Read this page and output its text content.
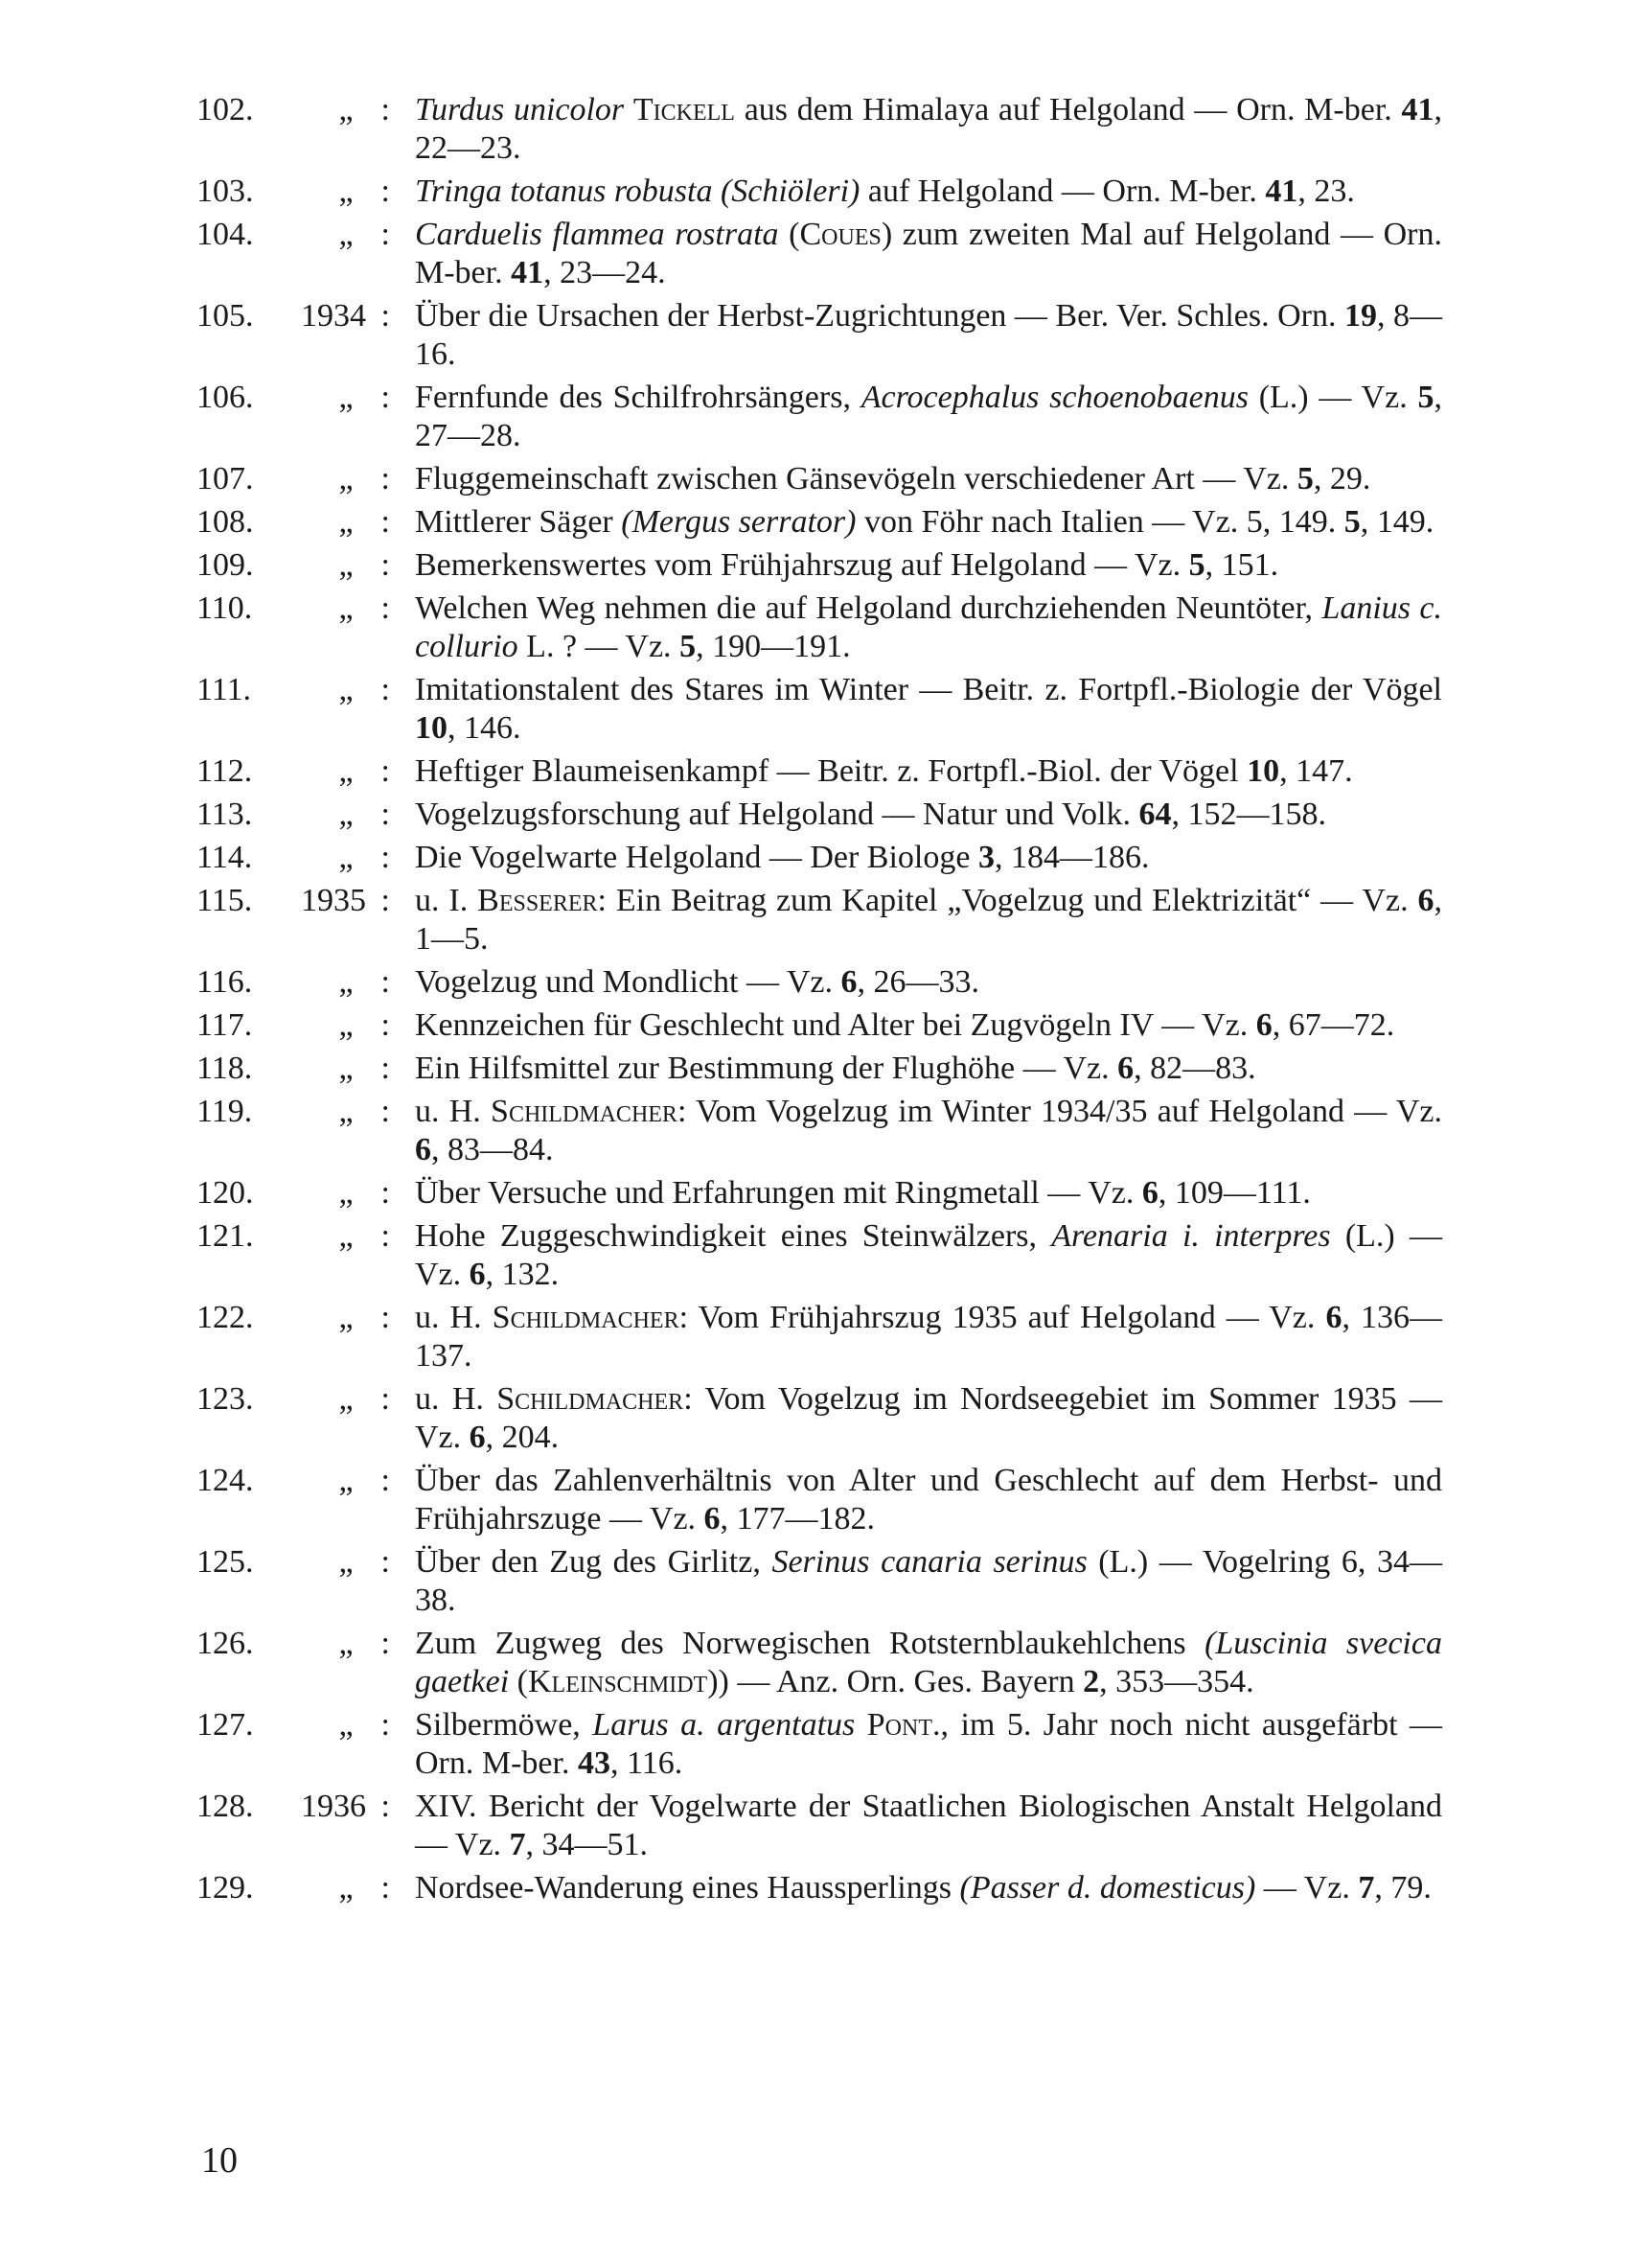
102.	„ : Turdus unicolor Tickell aus dem Himalaya auf Helgoland — Orn. M-ber. 41, 22—23.
103.	„ : Tringa totanus robusta (Schiöleri) auf Helgoland — Orn. M-ber. 41, 23.
104.	„ : Carduelis flammea rostrata (Coues) zum zweiten Mal auf Helgoland — Orn. M-ber. 41, 23—24.
105.	1934 : Über die Ursachen der Herbst-Zugrichtungen — Ber. Ver. Schles. Orn. 19, 8—16.
106.	„ : Fernfunde des Schilfrohrsängers, Acrocephalus schoenobaenus (L.) — Vz. 5, 27—28.
107.	„ : Fluggemeinschaft zwischen Gänsevögeln verschiedener Art — Vz. 5, 29.
108.	„ : Mittlerer Säger (Mergus serrator) von Föhr nach Italien — Vz. 5, 149. 5, 149.
109.	„ : Bemerkenswertes vom Frühjahrszug auf Helgoland — Vz. 5, 151.
110.	„ : Welchen Weg nehmen die auf Helgoland durchziehenden Neuntöter, Lanius c. collurio L. ? — Vz. 5, 190—191.
111.	„ : Imitationstalent des Stares im Winter — Beitr. z. Fortpfl.-Biologie der Vögel 10, 146.
112.	„ : Heftiger Blaumeisenkampf — Beitr. z. Fortpfl.-Biol. der Vögel 10, 147.
113.	„ : Vogelzugsforschung auf Helgoland — Natur und Volk. 64, 152—158.
114.	„ : Die Vogelwarte Helgoland — Der Biologe 3, 184—186.
115.	1935 : u. I. Besserer: Ein Beitrag zum Kapitel „Vogelzug und Elektrizität“ — Vz. 6, 1—5.
116.	„ : Vogelzug und Mondlicht — Vz. 6, 26—33.
117.	„ : Kennzeichen für Geschlecht und Alter bei Zugvögeln IV — Vz. 6, 67—72.
118.	„ : Ein Hilfsmittel zur Bestimmung der Flughöhe — Vz. 6, 82—83.
119.	„ : u. H. Schildmacher: Vom Vogelzug im Winter 1934/35 auf Helgoland — Vz. 6, 83—84.
120.	„ : Über Versuche und Erfahrungen mit Ringmetall — Vz. 6, 109—111.
121.	„ : Hohe Zuggeschwindigkeit eines Steinwälzers, Arenaria i. interpres (L.) — Vz. 6, 132.
122.	„ : u. H. Schildmacher: Vom Frühjahrszug 1935 auf Helgoland — Vz. 6, 136—137.
123.	„ : u. H. Schildmacher: Vom Vogelzug im Nordseegebiet im Sommer 1935 — Vz. 6, 204.
124.	„ : Über das Zahlenverhältnis von Alter und Geschlecht auf dem Herbst- und Frühjahrszuge — Vz. 6, 177—182.
125.	„ : Über den Zug des Girlitz, Serinus canaria serinus (L.) — Vogelring 6, 34—38.
126.	„ : Zum Zugweg des Norwegischen Rotsternblaukehlchens (Luscinia svecica gaetkei (Kleinschmidt)) — Anz. Orn. Ges. Bayern 2, 353—354.
127.	„ : Silbermöwe, Larus a. argentatus Pont., im 5. Jahr noch nicht ausgefärbt — Orn. M-ber. 43, 116.
128.	1936 : XIV. Bericht der Vogelwarte der Staatlichen Biologischen Anstalt Helgoland — Vz. 7, 34—51.
129.	„ : Nordsee-Wanderung eines Haussperlings (Passer d. domesticus) — Vz. 7, 79.
10
